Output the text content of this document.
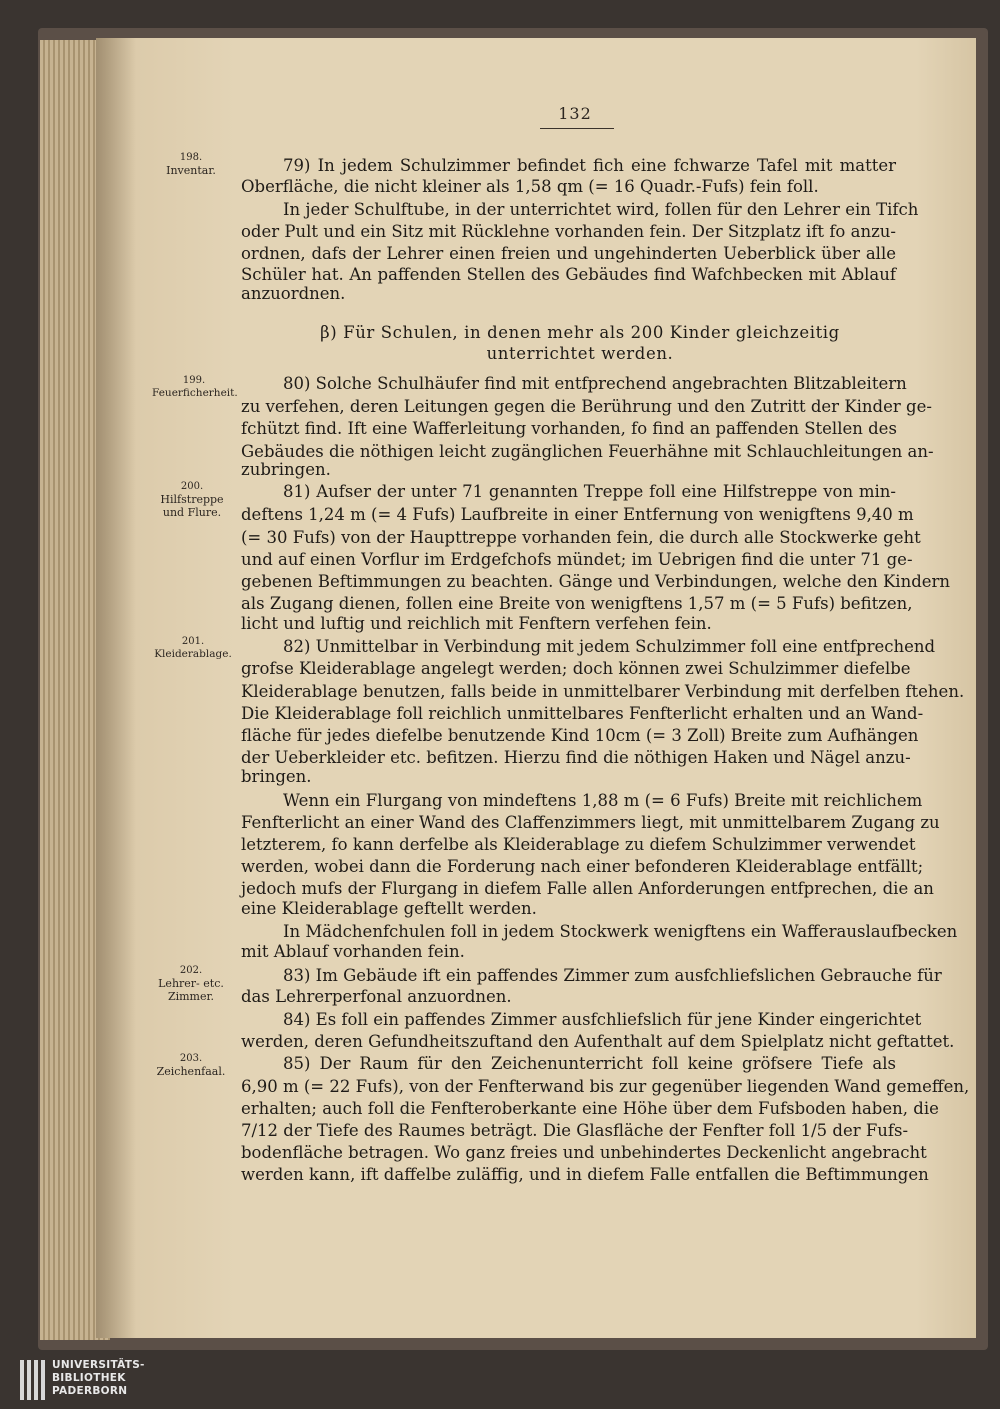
132
198.
Inventar.
199.
Feuerficherheit.
200.
Hilfstreppe und Flure.
201.
Kleiderablage.
202.
Lehrer- etc. Zimmer.
203.
Zeichenfaal.
79) In jedem Schulzimmer befindet fich eine fchwarze Tafel mit matter
Oberfläche, die nicht kleiner als 1,58 qm (= 16 Quadr.-Fufs) fein foll.
In jeder Schulftube, in der unterrichtet wird, follen für den Lehrer ein Tifch
oder Pult und ein Sitz mit Rücklehne vorhanden fein. Der Sitzplatz ift fo anzu-
ordnen, dafs der Lehrer einen freien und ungehinderten Ueberblick über alle
Schüler hat. An paffenden Stellen des Gebäudes find Wafchbecken mit Ablauf
anzuordnen.
β) Für Schulen, in denen mehr als 200 Kinder gleichzeitig
unterrichtet werden.
80) Solche Schulhäufer find mit entfprechend angebrachten Blitzableitern
zu verfehen, deren Leitungen gegen die Berührung und den Zutritt der Kinder ge-
fchützt find. Ift eine Wafferleitung vorhanden, fo find an paffenden Stellen des
Gebäudes die nöthigen leicht zugänglichen Feuerhähne mit Schlauchleitungen an-
zubringen.
81) Aufser der unter 71 genannten Treppe foll eine Hilfstreppe von min-
deftens 1,24 m (= 4 Fufs) Laufbreite in einer Entfernung von wenigftens 9,40 m
(= 30 Fufs) von der Haupttreppe vorhanden fein, die durch alle Stockwerke geht
und auf einen Vorflur im Erdgefchofs mündet; im Uebrigen find die unter 71 ge-
gebenen Beftimmungen zu beachten. Gänge und Verbindungen, welche den Kindern
als Zugang dienen, follen eine Breite von wenigftens 1,57 m (= 5 Fufs) befitzen,
licht und luftig und reichlich mit Fenftern verfehen fein.
82) Unmittelbar in Verbindung mit jedem Schulzimmer foll eine entfprechend
grofse Kleiderablage angelegt werden; doch können zwei Schulzimmer diefelbe
Kleiderablage benutzen, falls beide in unmittelbarer Verbindung mit derfelben ftehen.
Die Kleiderablage foll reichlich unmittelbares Fenfterlicht erhalten und an Wand-
fläche für jedes diefelbe benutzende Kind 10cm (= 3 Zoll) Breite zum Aufhängen
der Ueberkleider etc. befitzen. Hierzu find die nöthigen Haken und Nägel anzu-
bringen.
Wenn ein Flurgang von mindeftens 1,88 m (= 6 Fufs) Breite mit reichlichem
Fenfterlicht an einer Wand des Claffenzimmers liegt, mit unmittelbarem Zugang zu
letzterem, fo kann derfelbe als Kleiderablage zu diefem Schulzimmer verwendet
werden, wobei dann die Forderung nach einer befonderen Kleiderablage entfällt;
jedoch mufs der Flurgang in diefem Falle allen Anforderungen entfprechen, die an
eine Kleiderablage geftellt werden.
In Mädchenfchulen foll in jedem Stockwerk wenigftens ein Wafferauslaufbecken
mit Ablauf vorhanden fein.
83) Im Gebäude ift ein paffendes Zimmer zum ausfchliefslichen Gebrauche für
das Lehrerperfonal anzuordnen.
84) Es foll ein paffendes Zimmer ausfchliefslich für jene Kinder eingerichtet
werden, deren Gefundheitszuftand den Aufenthalt auf dem Spielplatz nicht geftattet.
85) Der Raum für den Zeichenunterricht foll keine gröfsere Tiefe als
6,90 m (= 22 Fufs), von der Fenfterwand bis zur gegenüber liegenden Wand gemeffen,
erhalten; auch foll die Fenfteroberkante eine Höhe über dem Fufsboden haben, die
7/12 der Tiefe des Raumes beträgt. Die Glasfläche der Fenfter foll 1/5 der Fufs-
bodenfläche betragen. Wo ganz freies und unbehindertes Deckenlicht angebracht
werden kann, ift daffelbe zuläffig, und in diefem Falle entfallen die Beftimmungen
UNIVERSITÄTS-
BIBLIOTHEK
PADERBORN
